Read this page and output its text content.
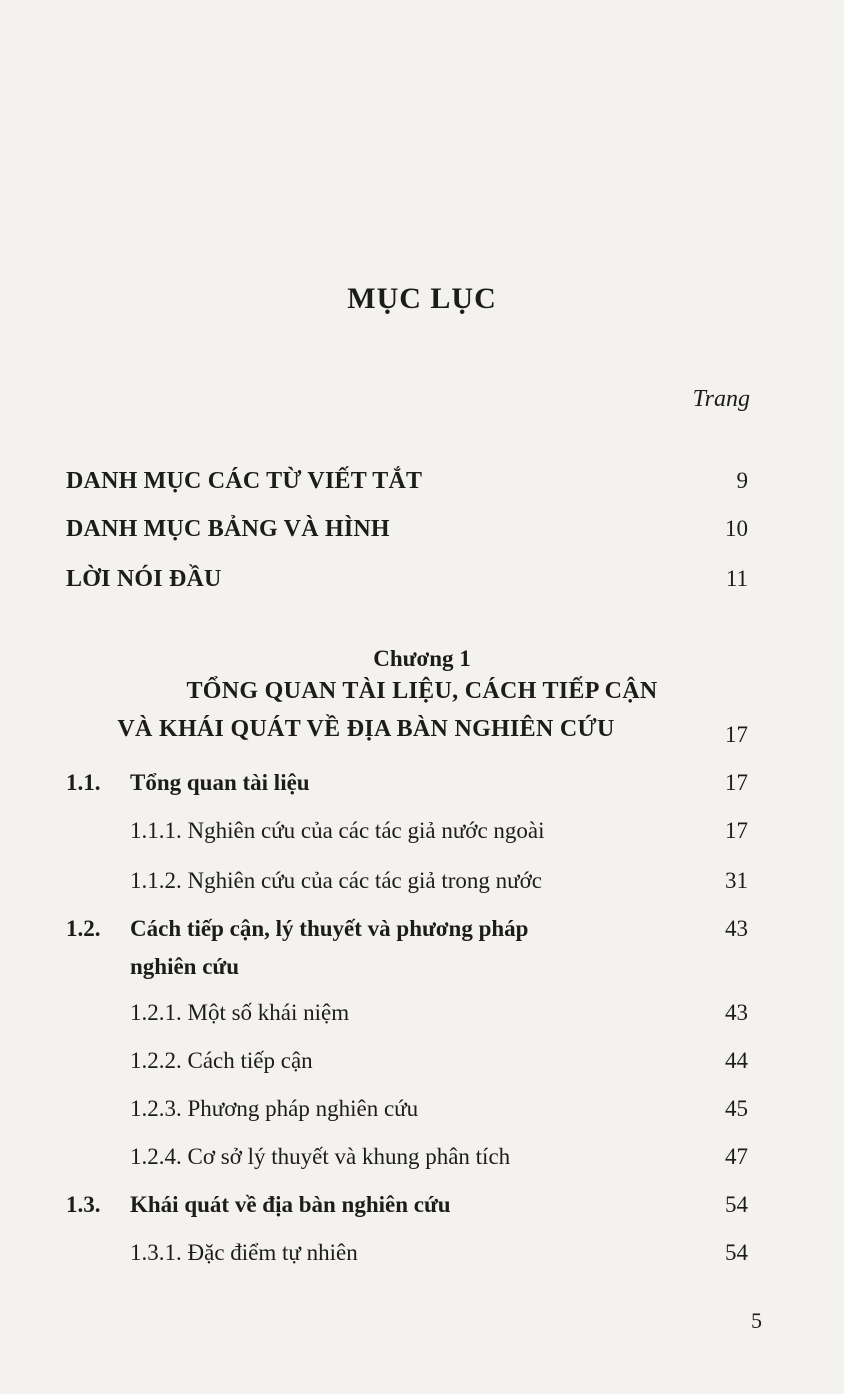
MỤC LỤC
Trang
DANH MỤC CÁC TỪ VIẾT TẮT	9
DANH MỤC BẢNG VÀ HÌNH	10
LỜI NÓI ĐẦU	11
Chương 1
TỔNG QUAN TÀI LIỆU, CÁCH TIẾP CẬN
VÀ KHÁI QUÁT VỀ ĐỊA BÀN NGHIÊN CỨU	17
1.1. Tổng quan tài liệu	17
1.1.1. Nghiên cứu của các tác giả nước ngoài	17
1.1.2. Nghiên cứu của các tác giả trong nước	31
1.2. Cách tiếp cận, lý thuyết và phương pháp	43
nghiên cứu
1.2.1. Một số khái niệm	43
1.2.2. Cách tiếp cận	44
1.2.3. Phương pháp nghiên cứu	45
1.2.4. Cơ sở lý thuyết và khung phân tích	47
1.3. Khái quát về địa bàn nghiên cứu	54
1.3.1. Đặc điểm tự nhiên	54
5
